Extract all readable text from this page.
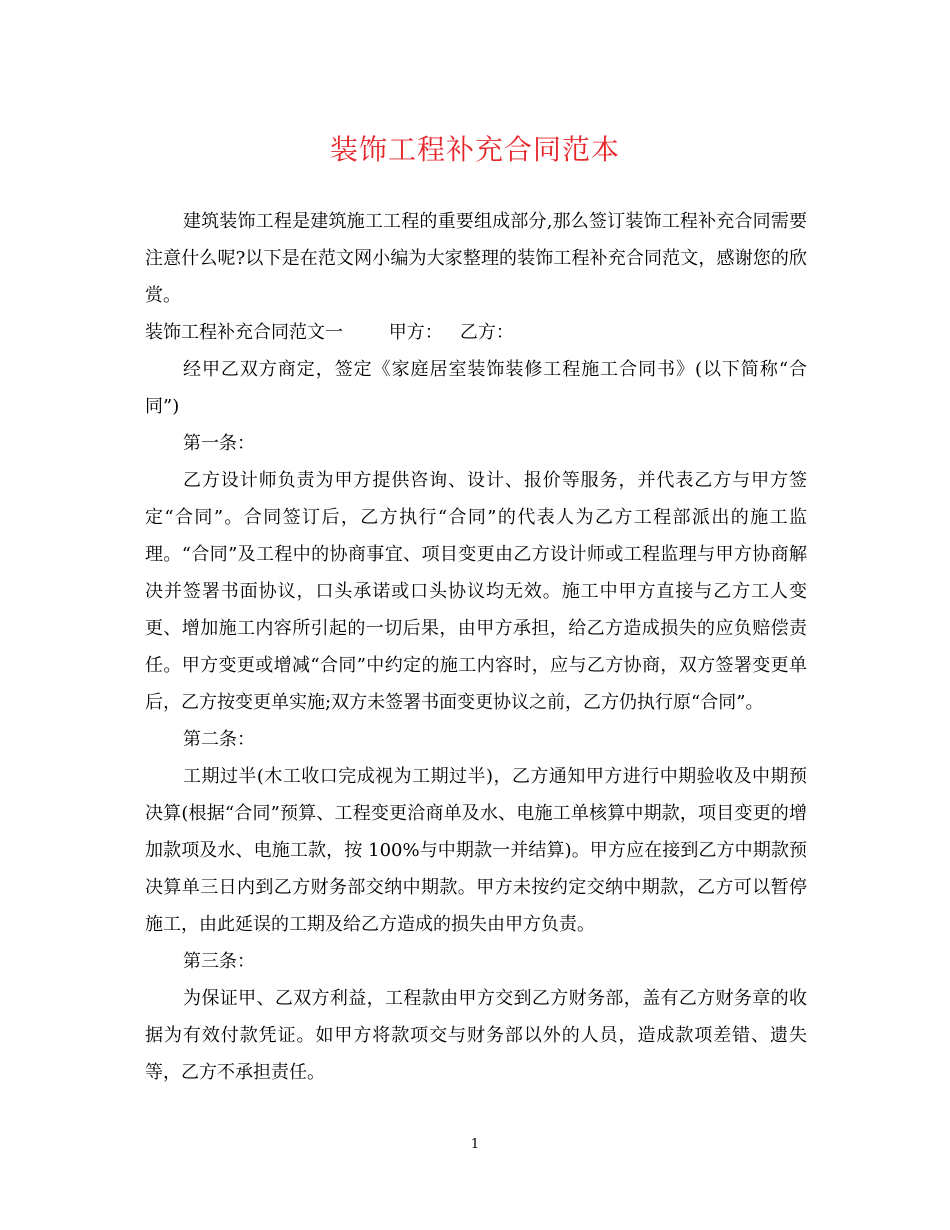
装饰工程补充合同范本

建筑装饰工程是建筑施工工程的重要组成部分,那么签订装饰工程补充合同需要注意什么呢?以下是在范文网小编为大家整理的装饰工程补充合同范文，感谢您的欣赏。

装饰工程补充合同范文一        甲方：   乙方：

经甲乙双方商定，签定《家庭居室装饰装修工程施工合同书》(以下简称“合同”)

第一条：

乙方设计师负责为甲方提供咨询、设计、报价等服务，并代表乙方与甲方签定“合同”。合同签订后，乙方执行“合同”的代表人为乙方工程部派出的施工监理。“合同”及工程中的协商事宜、项目变更由乙方设计师或工程监理与甲方协商解决并签署书面协议，口头承诺或口头协议均无效。施工中甲方直接与乙方工人变更、增加施工内容所引起的一切后果，由甲方承担，给乙方造成损失的应负赔偿责任。甲方变更或增减“合同”中约定的施工内容时，应与乙方协商，双方签署变更单后，乙方按变更单实施;双方未签署书面变更协议之前，乙方仍执行原“合同”。

第二条：

工期过半(木工收口完成视为工期过半)，乙方通知甲方进行中期验收及中期预决算(根据“合同”预算、工程变更洽商单及水、电施工单核算中期款，项目变更的增加款项及水、电施工款，按 100%与中期款一并结算)。甲方应在接到乙方中期款预决算单三日内到乙方财务部交纳中期款。甲方未按约定交纳中期款，乙方可以暂停施工，由此延误的工期及给乙方造成的损失由甲方负责。

第三条：

为保证甲、乙双方利益，工程款由甲方交到乙方财务部，盖有乙方财务章的收据为有效付款凭证。如甲方将款项交与财务部以外的人员，造成款项差错、遗失等，乙方不承担责任。

1
